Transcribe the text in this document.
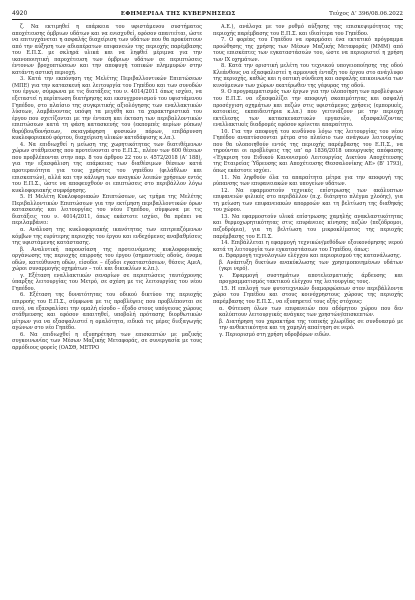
4920	ΕΦΗΜΕΡΙΔΑ TΗΣ ΚΥΒΕΡΝΗΣΕΩΣ	Τεύχος Δ’ 396/08.06.2022

ζ. Να εκτιμηθεί η επάρκεια του υφιστάμενου συστήματος αποχέτευσης όμβριων υδάτων και να ενισχυθεί, εφόσον απαιτείται, ώστε να επιτυγχάνεται η ασφαλής διαχείριση των υδάτων που θα προκύπτουν από την αύξηση των αδιαπέρατων επιφανειών της περιοχής παρέμβασης του Ε.Π.Σ. με σκληρά υλικά και να ληφθεί μέριμνα για την ικανοποιητική παροχέτευση των όμβριων υδάτων σε περιπτώσεις έντονων βροχοπτώσεων και την αποφυγή τοπικών πλημμυρών στην κατάντη αστική περιοχή.

3. Κατά την εκπόνηση της Μελέτης Περιβαλλοντικών Επιπτώσεων (ΜΠΕ) για την κατασκευή και λειτουργία του Γηπέδου και των συνοδών του έργων, σύμφωνα με τις διατάξεις του ν. 4014/2011 όπως ισχύει, να εξεταστεί η περίπτωση διατήρησης και εκσυγχρονισμού του υφιστάμενου Γηπέδου, στο πλαίσιο της συγκριτικής αξιολόγησης των εναλλακτικών λύσεων, λαμβάνοντας υπόψη τα μεγέθη και τα χαρακτηριστικά του έργου που σχετίζονται με την ένταση και έκταση των περιβαλλοντικών επιπτώσεων κατά τη φάση κατασκευής του (εκπομπές αερίων ρύπων/θορύβου/δονήσεων, σκιαγράφηση φυσικών πόρων, επιβάρυνση κυκλοφοριακού φόρτου, διαχείριση υλικών κατεδάφισης κ.λπ.).

4. Να επιδιωχθεί η μείωση της χωρητικότητας των διατιθέμενων χώρων στάθμευσης που προτείνονται στο Ε.Π.Σ., πλέον των 600 θέσεων που προβλέπονται στην παρ. 8 του άρθρου 22 του ν. 4572/2018 (Α’ 188), για την εξασφάλιση της επάρκειας των διαθέσιμων θέσεων κατά προτεραιότητα για τους χρήστες του γηπέδου (φιλάθλων και επισκεπτών), αλλά και την κάλυψη των αναγκών λοιπών χρήσεων εντός του Ε.Π.Σ., ώστε να αποφευχθούν οι επιπτώσεις στο περιβάλλον λόγω κυκλοφοριακής συμφόρησης.

5. Η Μελέτη Κυκλοφοριακών Επιπτώσεων, ως τμήμα της Μελέτης Περιβαλλοντικών Επιπτώσεων για την εκτίμηση περιβαλλοντικών όρων κατασκευής και λειτουργίας του νέου Γηπέδου, σύμφωνα με τις διατάξεις του ν. 4014/2011, όπως εκάστοτε ισχύει, θα πρέπει να περιλαμβάνει:

α. Ανάλυση της κυκλοφοριακής ικανότητας των επιτρεαζόμενων κόμβων της ευρύτερης περιοχής του έργου και ενδεχόμενες αναβαθμίσεις της υφιστάμενης κατάστασης.

β. Αναλυτική παρουσίαση της προτεινόμενης κυκλοφοριακής οργάνωσης της περιοχής επιρροής του έργου (σημαντικές οδούς, όνομα οδών, κατεύθυνση οδών, είσοδοι – έξοδοι εγκαταστάσεων, θέσεις AμεΑ, χώροι συναρμογής οχημάτων – τοίι και δικυκλίων κ.λπ.).

γ. Εξέταση εναλλακτικών σεναρίων σε περιπτώσεις ταυτόχρονης ύπαρξης λειτουργίας του Μετρό, σε σχέση με τις λειτουργίας του νέου Γηπέδου.

6. Εξέταση της δυνατότητας του οδικού δικτύου της περιοχής επιρροής του Ε.Π.Σ., σύμφωνα με τις προβλέψεις που προβλέπονται σε αυτό, να εξασφαλίσει την ομαλή είσοδο – έξοδο στους υπόγειους χώρους στάθμευσης και εφόσον απαιτηθεί, υποβολή πρότασης διορθωτικών μέτρων για να εξασφαλιστεί η ομαλότητα, ειδικά τις μέρες διεξαγωγής αγώνων στο νέο Γηπέδο.

6. Να επιδιωχθεί η εξυπηρέτηση των επισκεπτών με μαζικής συγκοινωνίας των Μέσων Μαζικής Μεταφοράς, σε συνεργασία με τους αρμόδιους φορείς (ΟΑΣΘ, ΜΕΤΡΟ

Α.Ε.), ανάλογα με τον ρυθμό αύξησης της επισκεψιμότητας της περιοχής παρέμβασης του Ε.Π.Σ. και ιδιαίτερα του Γηπέδου.

7. Ο φορέας του Γηπέδου να εφαρμόσει ένα εκτατικό πρόγραμμα προώθησης της χρήσης των Μέσων Μαζικής Μεταφοράς (ΜΜΜ) από τους επισκέπτες των εγκαταστάσεών του, ώστε να περιοριστεί η χρήση των ΙΧ οχημάτων.

8. Κατά την οριστική μελέτη του τεχνικού υπογειοποίησης της οδού Κλεάνθους να εξασφαλιστεί η αρμονική ένταξη του έργου στο ανάγλυφο της περιοχής, καθώς και η οπτική σύνδεση και ασφαλής επικοινωνία των κινούμενων των χώρων εκατέρωθεν της γέφυρας της οδού.

9. Ο προγραμματισμός των έργων για την υλοποίηση των προβλέψεων του Ε.Π.Σ. να εξασφαλίζει την αποφυγή σκοπιμότητας και ασφαλή προσέγγιση οχημάτων και πεζών στις υφιστάμενες χρήσεις (εμπορικές, κατοικίες, εκπαιδευτήρια κ.λπ.) που γειτνιάζουν με την περιοχή εκτέλεσης των κατασκευαστικών εργασιών, εξασφαλίζοντας εναλλακτικές διαδρομές εφόσον κρίνεται απαραίτητο.

10. Για την αποφυγή του κινδύνου λόγω της λειτουργίας του νέου Γηπέδου αναπτύσσονται μέτρα στο πλαίσιο των ανάγκων λειτουργίας που θα υλοποιηθούν εντός της περιοχής παρέμβασης του Ε.Π.Σ., να τηρούνται οι προβλέψεις της υπ’ αρ 1836/2018 υπουργικής απόφασης «Έγκριση του Ειδικού Κανονισμού Λειτουργίας Δικτύου Αποχέτευσης της Εταιρείας Ύδρευσης και Αποχέτευσης Θεσσαλονίκης ΑΕ» (Β’ 1793), όπως εκάστοτε ισχύει.

11. Να ληφθούν όλα τα απαραίτητα μέτρα για την αποφυγή της ρύπανσης των επιφανειακών και υπογείων υδάτων.

12. Να εφαρμοστούν τεχνικές επίστρωσης των ακάλυπτων επιφανειών φιλικές στο περιβάλλον (π.χ. διάτρητο πλέγμα χλοόης), για τη μείωση των επιφανειακών απορροών και τη βελτίωση της διαθηκής του χώρου.

13. Να εφαρμοστούν υλικά επίστρωσης χαμηλής ανακλαστικότητας και θερμοχωρητικότητας στις επιφάνειες κίνησης πεζών (πεζόδρομοι, πεζοδρόμια), για τη βελτίωση του μικροκλίματος της περιοχής παρέμβασης του Ε.Π.Σ.

14. Επιβάλλεται η εφαρμογή τεχνικών/μεθόδων εξοικονόμησης νερού κατά τη λειτουργία των εγκαταστάσεων του Γηπέδου, όπως:

α. Εφαρμογή τεχνολογιών ελέγχου και περιορισμού της κατανάλωσης.

β. Ανάπτυξη δικτύων ανακύκλωσης των χρησιμοποιημένων υδάτων (γκρι νερό).

γ. Εφαρμογή συστημάτων αποτελεσματικής άρδευσης και προγραμματισμός τακτικού ελέγχου της λειτουργίας τους.

15. Η επιλογή των φυτοτεχνικών διαμορφώσεων στον περιβάλλοντα χώρο του Γηπέδου και στους κοινόχρηστους χώρους της περιοχής παρέμβασης του Ε.Π.Σ., να εξυπηρετεί τους εξής στόχους:

α. Φύτευση όλων των επιφανειών που αδόμητου χώρου που δεν καλύπτουν λειτουργικές ανάγκες των χρηστών/επισκεπτών.

β. Διατήρηση του χαρακτήρα της τοπικής χλωρίδας σε συνδυασμό με την ανθεκτικότητα και τη χαμηλή απαίτηση σε νερό.

γ. Περιορισμό στη χρήση υδροβόρων ειδών.
